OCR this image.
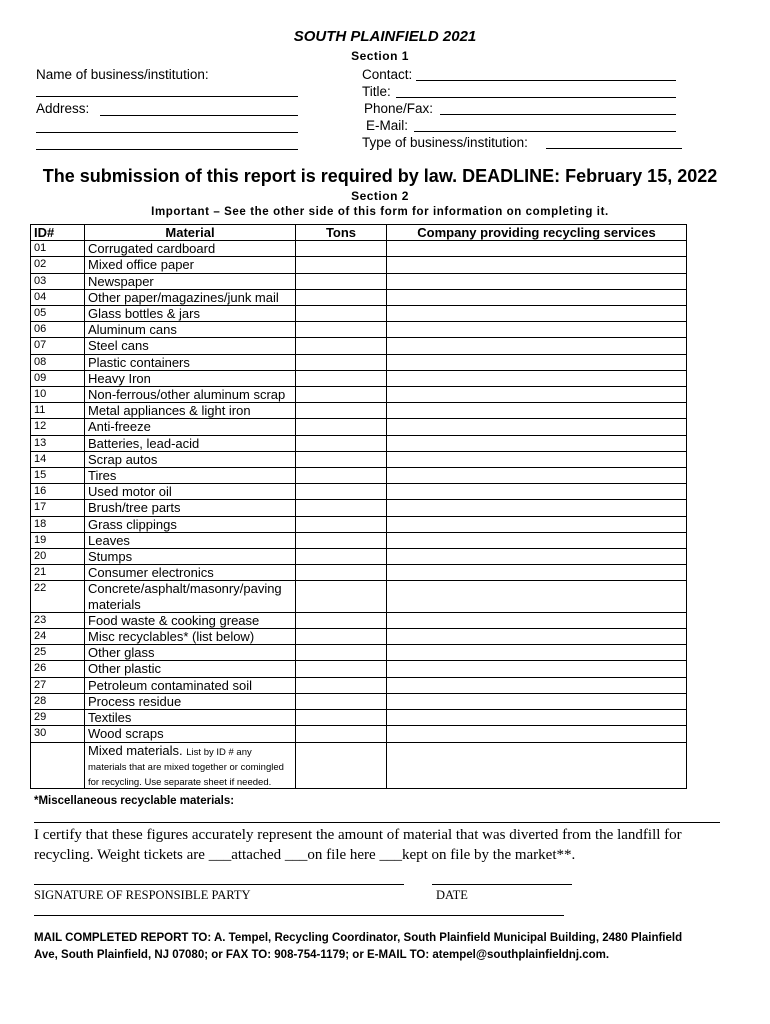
SOUTH PLAINFIELD 2021
Section 1
Name of business/institution:
Address:
Contact:
Title:
Phone/Fax:
E-Mail:
Type of business/institution:
The submission of this report is required by law. DEADLINE: February 15, 2022
Section 2
Important – See the other side of this form for information on completing it.
ID#	Material	Tons	Company providing recycling services
01	Corrugated cardboard		
02	Mixed office paper		
03	Newspaper		
04	Other paper/magazines/junk mail		
05	Glass bottles & jars		
06	Aluminum cans		
07	Steel cans		
08	Plastic containers		
09	Heavy Iron		
10	Non-ferrous/other aluminum scrap		
11	Metal appliances & light iron		
12	Anti-freeze		
13	Batteries, lead-acid		
14	Scrap autos		
15	Tires		
16	Used motor oil		
17	Brush/tree parts		
18	Grass clippings		
19	Leaves		
20	Stumps		
21	Consumer electronics		
22	Concrete/asphalt/masonry/paving materials		
23	Food waste & cooking grease		
24	Misc recyclables* (list below)		
25	Other glass		
26	Other plastic		
27	Petroleum contaminated soil		
28	Process residue		
29	Textiles		
30	Wood scraps		
	Mixed materials. List by ID # any materials that are mixed together or comingled for recycling. Use separate sheet if needed.		
*Miscellaneous recyclable materials:
I certify that these figures accurately represent the amount of material that was diverted from the landfill for
recycling. Weight tickets are ___attached ___on file here ___kept on file by the market**.
SIGNATURE OF RESPONSIBLE PARTY	DATE
MAIL COMPLETED REPORT TO: A. Tempel, Recycling Coordinator, South Plainfield Municipal Building, 2480 Plainfield
Ave, South Plainfield, NJ 07080; or FAX TO: 908-754-1179; or E-MAIL TO: atempel@southplainfieldnj.com.
